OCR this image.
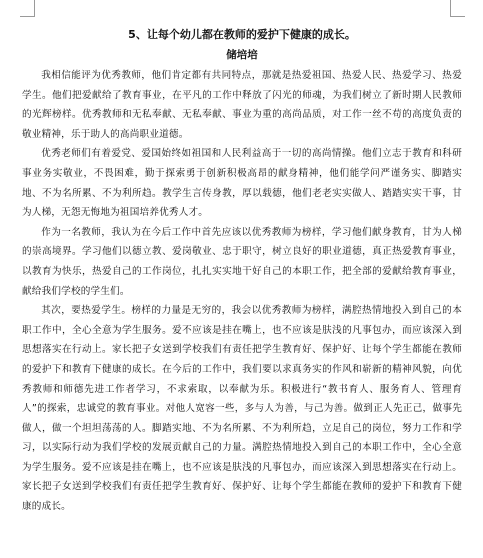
5、让每个幼儿都在教师的爱护下健康的成长。

储培培

我相信能评为优秀教师，他们肯定都有共同特点，那就是热爱祖国、热爱人民、热爱学习、热爱学生。他们把爱献给了教育事业，在平凡的工作中释放了闪光的师魂，为我们树立了新时期人民教师的光辉榜样。优秀教师和无私奉献、无私奉献、事业为重的高尚品质，对工作一丝不苟的高度负责的敬业精神，乐于助人的高尚职业道德。

优秀老师们有着爱党、爱国始终如祖国和人民利益高于一切的高尚情操。他们立志于教育和科研事业务实敬业，不畏困难，勤于探索勇于创新积极高昂的献身精神，他们能学问严谨务实、脚踏实地、不为名所累、不为利所趋。教学生言传身教，厚以载德，他们老老实实做人、踏踏实实干事，甘为人梯，无怨无悔地为祖国培养优秀人才。

作为一名教师，我认为在今后工作中首先应该以优秀教师为榜样，学习他们献身教育，甘为人梯的崇高境界。学习他们以德立教、爱岗敬业、忠于职守，树立良好的职业道德，真正热爱教育事业，以教育为快乐，热爱自己的工作岗位，扎扎实实地干好自己的本职工作，把全部的爱献给教育事业，献给我们学校的学生们。

其次，要热爱学生。榜样的力量是无穷的，我会以优秀教师为榜样，满腔热情地投入到自己的本职工作中，全心全意为学生服务。爱不应该是挂在嘴上，也不应该是肤浅的凡事包办，而应该深入到思想落实在行动上。家长把子女送到学校我们有责任把学生教育好、保护好、让每个学生都能在教师的爱护下和教育下健康的成长。在今后的工作中，我们要以求真务实的作风和崭新的精神风貌，向优秀教师和师德先进工作者学习，不求索取，以奉献为乐。积极进行“教书育人、服务育人、管理育人”的探索，忠诚党的教育事业。对他人宽容一些，多与人为善，与己为善。做到正人先正己，做事先做人，做一个坦坦荡荡的人。脚踏实地、不为名所累、不为利所趋，立足自己的岗位，努力工作和学习，以实际行动为我们学校的发展贡献自己的力量。满腔热情地投入到自己的本职工作中，全心全意为学生服务。爱不应该是挂在嘴上，也不应该是肤浅的凡事包办，而应该深入到思想落实在行动上。家长把子女送到学校我们有责任把学生教育好、保护好、让每个学生都能在教师的爱护下和教育下健康的成长。
